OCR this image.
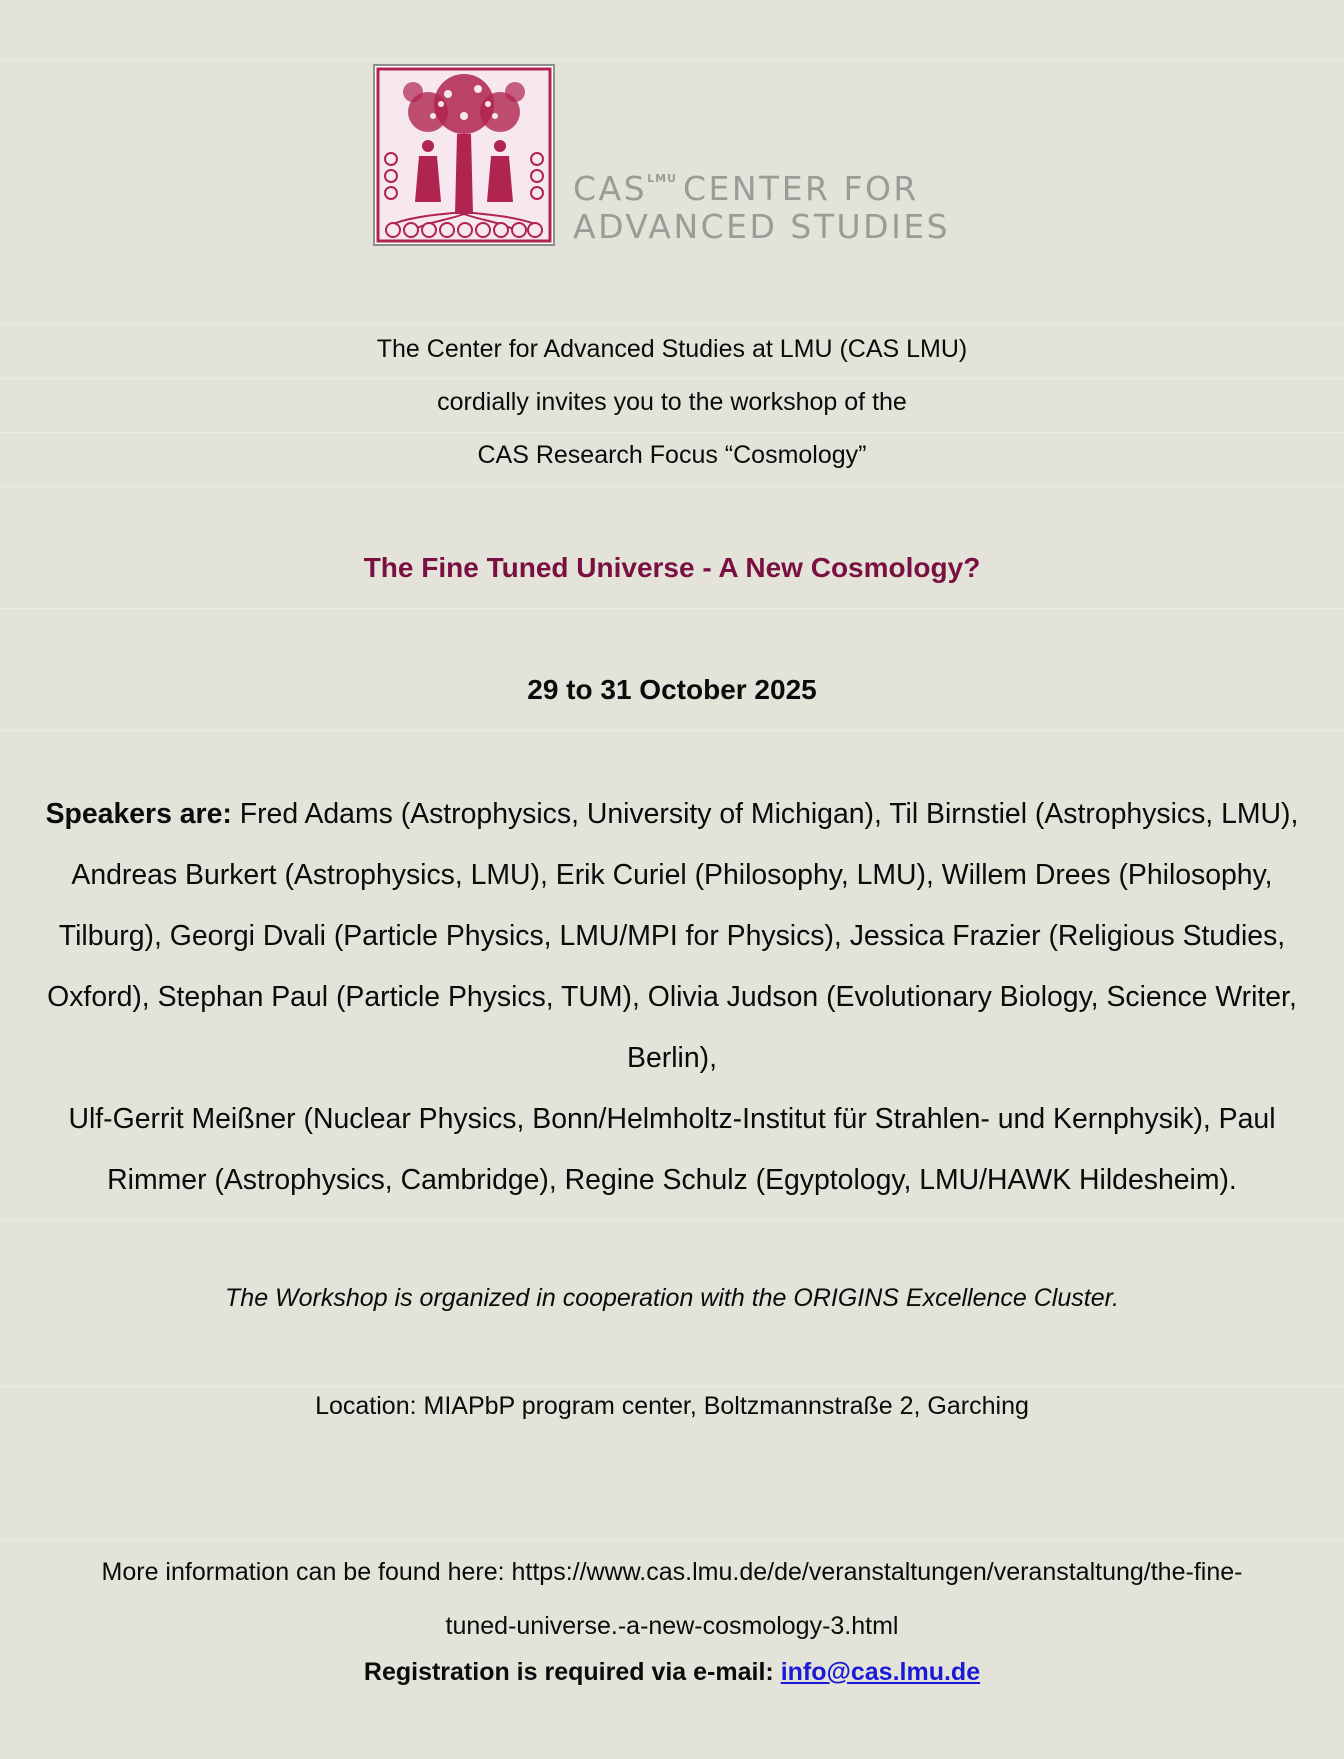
$CAS^{LMU}$ CENTER FOR
ADVANCED STUDIES
The Center for Advanced Studies at LMU (CAS LMU)
cordially invites you to the workshop of the
CAS Research Focus “Cosmology”
The Fine Tuned Universe - A New Cosmology?
29 to 31 October 2025
Speakers are: Fred Adams (Astrophysics, University of Michigan), Til Birnstiel (Astrophysics, LMU),
Andreas Burkert (Astrophysics, LMU), Erik Curiel (Philosophy, LMU), Willem Drees (Philosophy,
Tilburg), Georgi Dvali (Particle Physics, LMU/MPI for Physics), Jessica Frazier (Religious Studies,
Oxford), Stephan Paul (Particle Physics, TUM), Olivia Judson (Evolutionary Biology, Science Writer,
Berlin),
Ulf-Gerrit Meißner (Nuclear Physics, Bonn/Helmholtz-Institut für Strahlen- und Kernphysik), Paul
Rimmer (Astrophysics, Cambridge), Regine Schulz (Egyptology, LMU/HAWK Hildesheim).
The Workshop is organized in cooperation with the ORIGINS Excellence Cluster.
Location: MIAPbP program center, Boltzmannstraße 2, Garching
More information can be found here: https://www.cas.lmu.de/de/veranstaltungen/veranstaltung/the-fine-
tuned-universe.-a-new-cosmology-3.html
Registration is required via e-mail: info@cas.lmu.de
